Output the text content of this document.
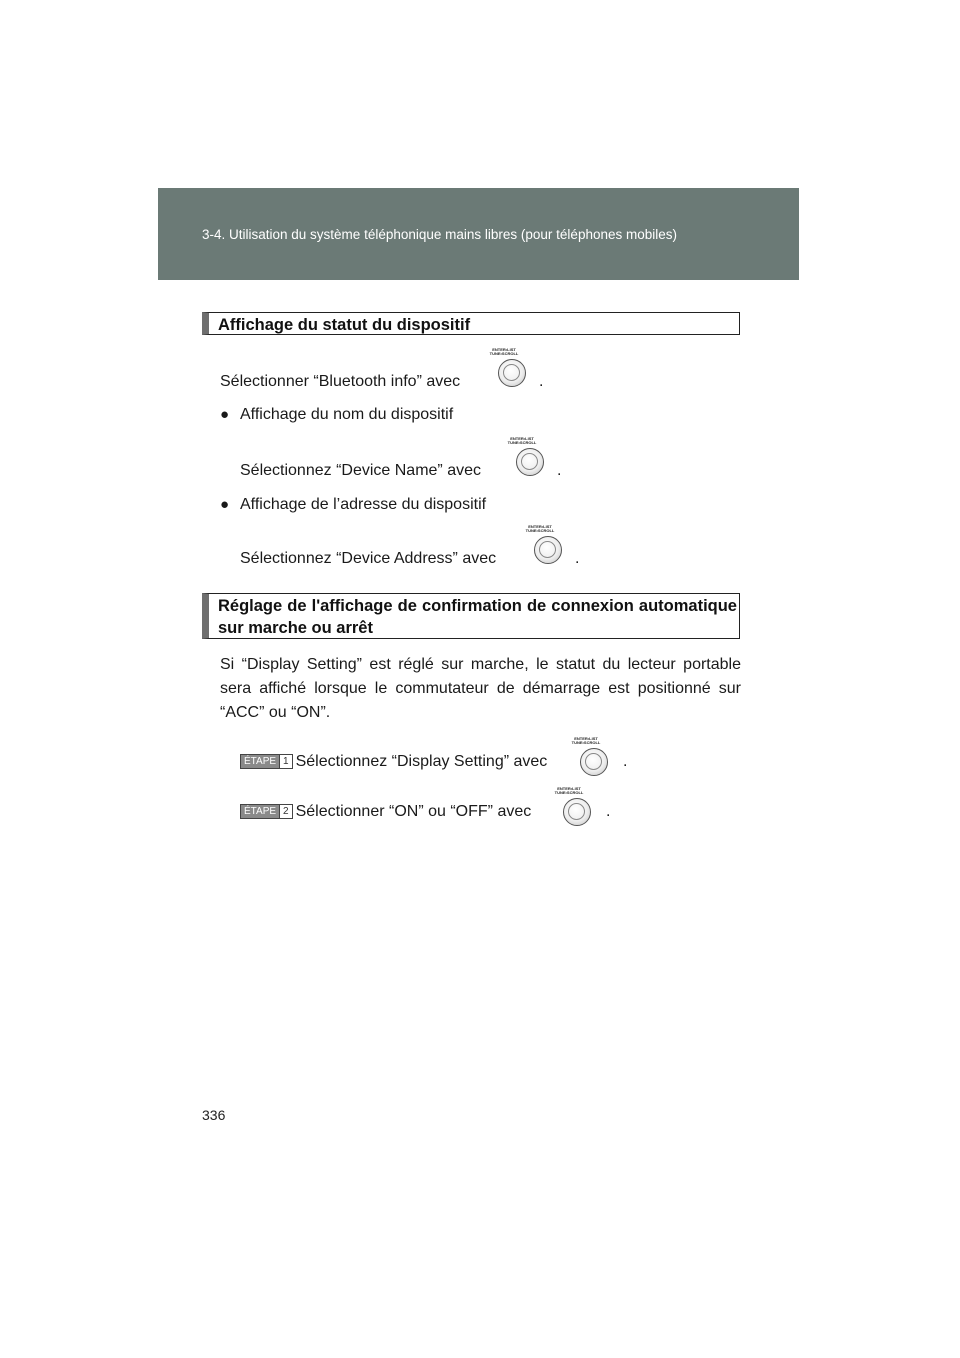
3-4. Utilisation du système téléphonique mains libres (pour téléphones mobiles)
Affichage du statut du dispositif
Sélectionner “Bluetooth info” avec
ENTER•LIST
TUNE•SCROLL
.
● Affichage du nom du dispositif
Sélectionnez “Device Name” avec
ENTER•LIST
TUNE•SCROLL
.
● Affichage de l’adresse du dispositif
Sélectionnez “Device Address” avec
ENTER•LIST
TUNE•SCROLL
.
Réglage de l'affichage de confirmation de connexion automatique sur marche ou arrêt
Si “Display Setting” est réglé sur marche, le statut du lecteur portable sera affiché lorsque le commutateur de démarrage est positionné sur “ACC” ou “ON”.
ÉTAPE 1 Sélectionnez “Display Setting” avec
ENTER•LIST
TUNE•SCROLL
.
ÉTAPE 2 Sélectionner “ON” ou “OFF” avec
ENTER•LIST
TUNE•SCROLL
.
336
